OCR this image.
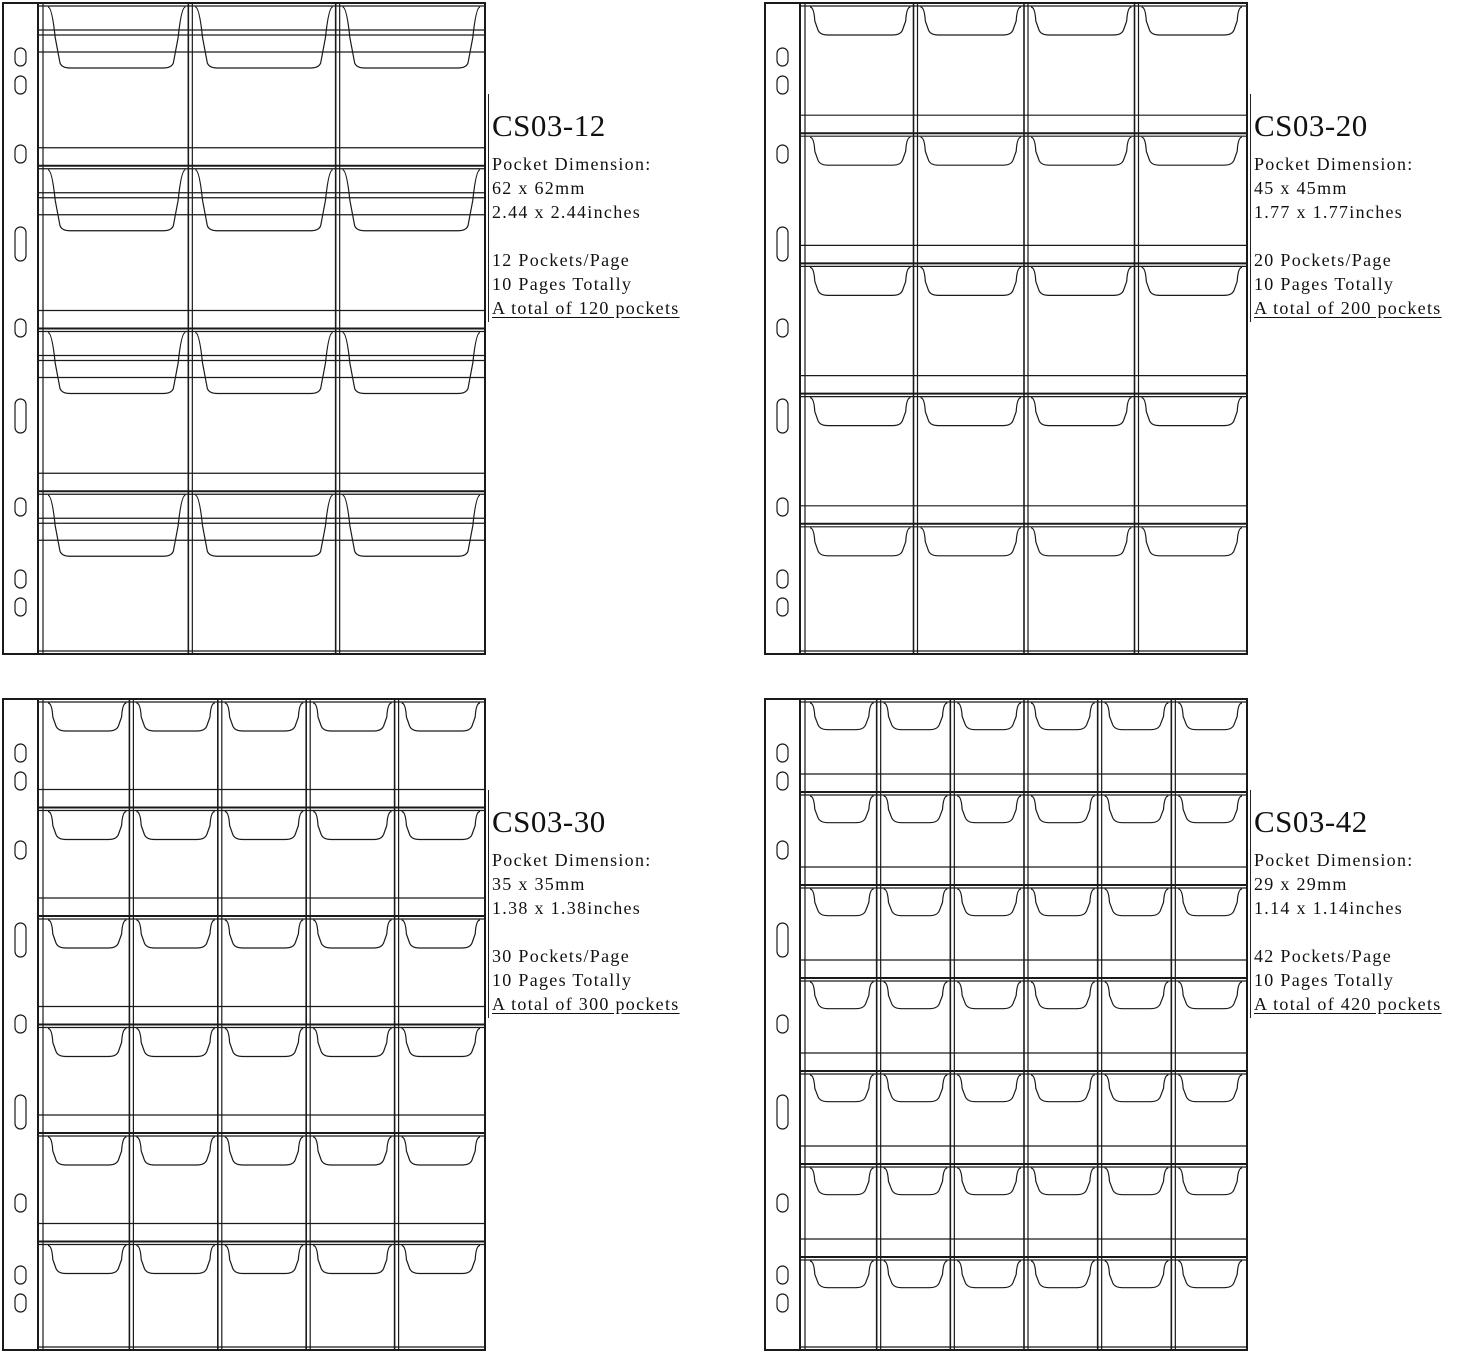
CS03-12
Pocket Dimension:
62 x 62mm
2.44 x 2.44inches
12 Pockets/Page
10 Pages Totally
A total of 120 pockets
CS03-20
Pocket Dimension:
45 x 45mm
1.77 x 1.77inches
20 Pockets/Page
10 Pages Totally
A total of 200 pockets
CS03-30
Pocket Dimension:
35 x 35mm
1.38 x 1.38inches
30 Pockets/Page
10 Pages Totally
A total of 300 pockets
CS03-42
Pocket Dimension:
29 x 29mm
1.14 x 1.14inches
42 Pockets/Page
10 Pages Totally
A total of 420 pockets
